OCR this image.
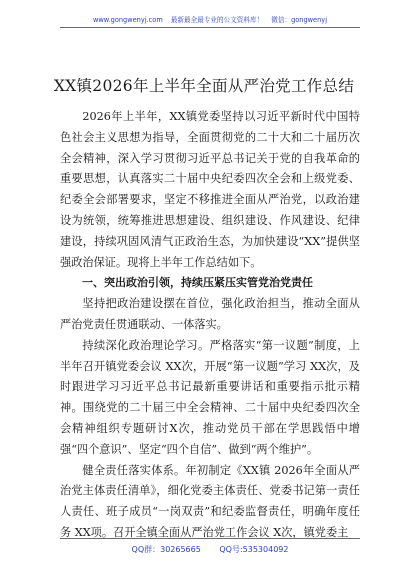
www.gongwenyj.com 最新最全最专业的公文资料库！ 微信：gongwenyj
XX镇2026年上半年全面从严治党工作总结

2026年上半年，XX镇党委坚持以习近平新时代中国特色社会主义思想为指导，全面贯彻党的二十大和二十届历次全会精神，深入学习贯彻习近平总书记关于党的自我革命的重要思想，认真落实二十届中央纪委四次全会和上级党委、纪委全会部署要求，坚定不移推进全面从严治党，以政治建设为统领，统筹推进思想建设、组织建设、作风建设、纪律建设，持续巩固风清气正政治生态，为加快建设“XX”提供坚强政治保证。现将上半年工作总结如下。

一、突出政治引领，持续压紧压实管党治党责任

坚持把政治建设摆在首位，强化政治担当，推动全面从严治党责任贯通联动、一体落实。

持续深化政治理论学习。严格落实“第一议题”制度，上半年召开镇党委会议 XX次，开展“第一议题”学习 XX次，及时跟进学习习近平总书记最新重要讲话和重要指示批示精神。围绕党的二十届三中全会精神、二十届中央纪委四次全会精神组织专题研讨X次，推动党员干部在学思践悟中增强“四个意识”、坚定“四个自信”、做到“两个维护”。

健全责任落实体系。年初制定《XX镇 2026年全面从严治党主体责任清单》，细化党委主体责任、党委书记第一责任人责任、班子成员“一岗双责”和纪委监督责任，明确年度任务 XX项。召开全镇全面从严治党工作会议 X次，镇党委主

QQ群：30265665 QQ号:535304092
